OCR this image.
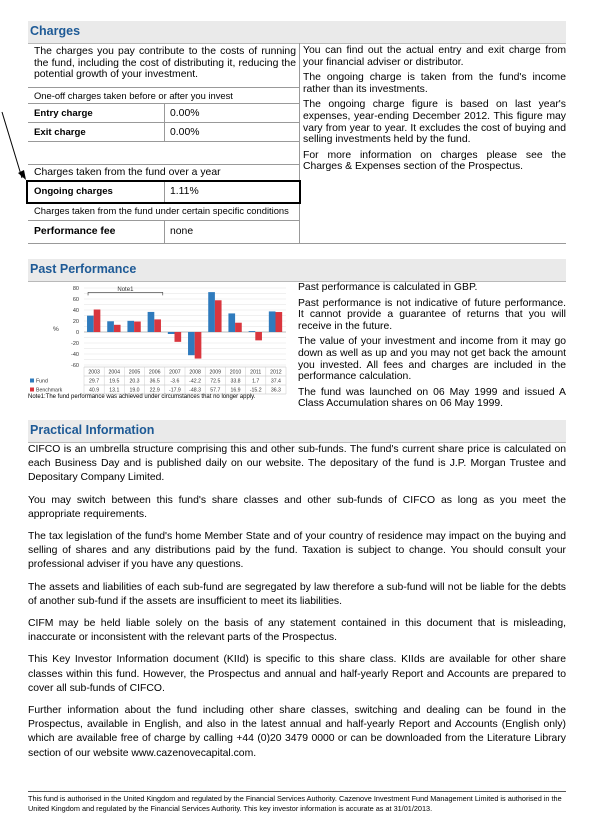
Charges
The charges you pay contribute to the costs of running the fund, including the cost of distributing it, reducing the potential growth of your investment.
One-off charges taken before or after you invest
Entry charge	0.00%
Exit charge	0.00%
Charges taken from the fund over a year
Ongoing charges	1.11%
Charges taken from the fund under certain specific conditions
Performance fee	none

You can find out the actual entry and exit charge from your financial adviser or distributor.

The ongoing charge is taken from the fund's income rather than its investments.

The ongoing charge figure is based on last year's expenses, year-ending December 2012. This figure may vary from year to year. It excludes the cost of buying and selling investments held by the fund.

For more information on charges please see the Charges & Expenses section of the Prospectus.

Past Performance
-60
-40
-20
0
20
40
60
80
%
Note1
2003 2004 2005 2006 2007 2008 2009 2010 2011 2012
Fund	29.7 19.5 20.3 36.5 -3.6 -42.2 72.5 33.8 1.7 37.4
Benchmark	40.9 13.1 19.0 22.9 -17.9 -48.3 57.7 16.9 -15.2 36.3
Note1:The fund performance was achieved under circumstances that no longer apply.

Past performance is calculated in GBP.

Past performance is not indicative of future performance. It cannot provide a guarantee of returns that you will receive in the future.

The value of your investment and income from it may go down as well as up and you may not get back the amount you invested. All fees and charges are included in the performance calculation.

The fund was launched on 06 May 1999 and issued A Class Accumulation shares on 06 May 1999.

Practical Information

CIFCO is an umbrella structure comprising this and other sub-funds. The fund's current share price is calculated on each Business Day and is published daily on our website. The depositary of the fund is J.P. Morgan Trustee and Depositary Company Limited.

You may switch between this fund's share classes and other sub-funds of CIFCO as long as you meet the appropriate requirements.

The tax legislation of the fund's home Member State and of your country of residence may impact on the buying and selling of shares and any distributions paid by the fund. Taxation is subject to change. You should consult your professional adviser if you have any questions.

The assets and liabilities of each sub-fund are segregated by law therefore a sub-fund will not be liable for the debts of another sub-fund if the assets are insufficient to meet its liabilities.

CIFM may be held liable solely on the basis of any statement contained in this document that is misleading, inaccurate or inconsistent with the relevant parts of the Prospectus.

This Key Investor Information document (KIId) is specific to this share class. KIIds are available for other share classes within this fund. However, the Prospectus and annual and half-yearly Report and Accounts are prepared to cover all sub-funds of CIFCO.

Further information about the fund including other share classes, switching and dealing can be found in the Prospectus, available in English, and also in the latest annual and half-yearly Report and Accounts (English only) which are available free of charge by calling +44 (0)20 3479 0000 or can be downloaded from the Literature Library section of our website www.cazenovecapital.com.

This fund is authorised in the United Kingdom and regulated by the Financial Services Authority. Cazenove Investment Fund Management Limited is authorised in the United Kingdom and regulated by the Financial Services Authority. This key investor information is accurate as at 31/01/2013.
